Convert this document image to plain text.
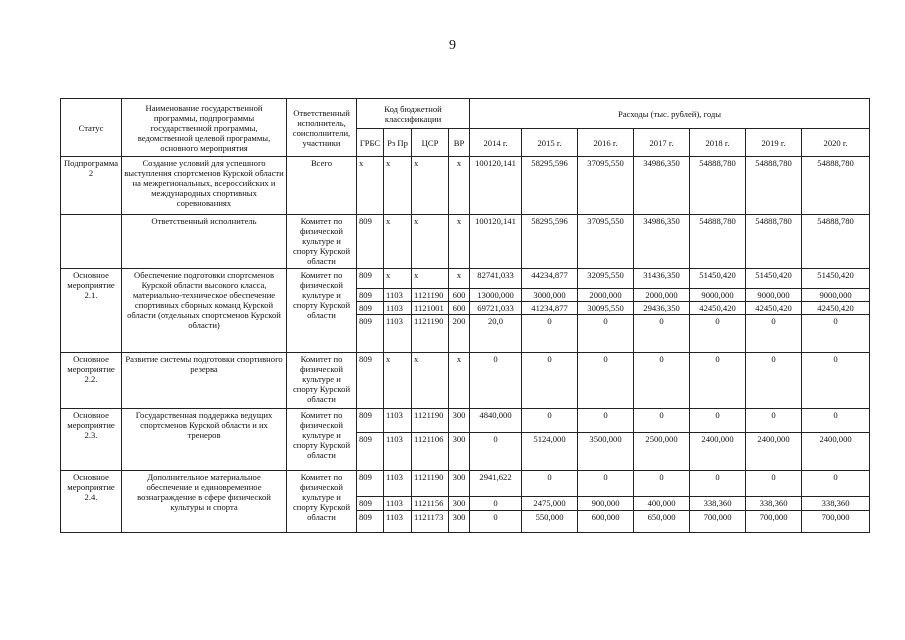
9
Статус	Наименование государственной программы, подпрограммы государственной программы, ведомственной целевой программы, основного мероприятия	Ответственный исполнитель, соисполнители, участники	Код бюджетной классификации				Расходы (тыс. рублей), годы						
			ГРБС	Рз Пр	ЦСР	ВР	2014 г.	2015 г.	2016 г.	2017 г.	2018 г.	2019 г.	2020 г.
Подпрограмма 2	Создание условий для успешного выступления спортсменов Курской области на межрегиональных, всероссийских и международных спортивных соревнованиях	Всего	х	х	х	х	100120,141	58295,596	37095,550	34986,350	54888,780	54888,780	54888,780
	Ответственный исполнитель	Комитет по физической культуре и спорту Курской области	809	х	х	х	100120,141	58295,596	37095,550	34986,350	54888,780	54888,780	54888,780
Основное мероприятие 2.1.	Обеспечение подготовки спортсменов Курской области высокого класса, материально-техническое обеспечение спортивных сборных команд Курской области (отдельных спортсменов Курской области)	Комитет по физической культуре и спорту Курской области	809	х	х	х	82741,033	44234,877	32095,550	31436,350	51450,420	51450,420	51450,420
			809	1103	1121190	600	13000,000	3000,000	2000,000	2000,000	9000,000	9000,000	9000,000
			809	1103	1121001	600	69721,033	41234,877	30095,550	29436,350	42450,420	42450,420	42450,420
			809	1103	1121190	200	20,0	0	0	0	0	0	0
Основное мероприятие 2.2.	Развитие системы подготовки спортивного резерва	Комитет по физической культуре и спорту Курской области	809	х	х	х	0	0	0	0	0	0	0
Основное мероприятие 2.3.	Государственная поддержка ведущих спортсменов Курской области и их тренеров	Комитет по физической культуре и спорту Курской области	809	1103	1121190	300	4840,000	0	0	0	0	0	0
			809	1103	1121106	300	0	5124,000	3500,000	2500,000	2400,000	2400,000	2400,000
Основное мероприятие 2.4.	Дополнительное материальное обеспечение и единовременное вознаграждение в сфере физической культуры и спорта	Комитет по физической культуре и спорту Курской области	809	1103	1121190	300	2941,622	0	0	0	0	0	0
			809	1103	1121156	300	0	2475,000	900,000	400,000	338,360	338,360	338,360
			809	1103	1121173	300	0	550,000	600,000	650,000	700,000	700,000	700,000
